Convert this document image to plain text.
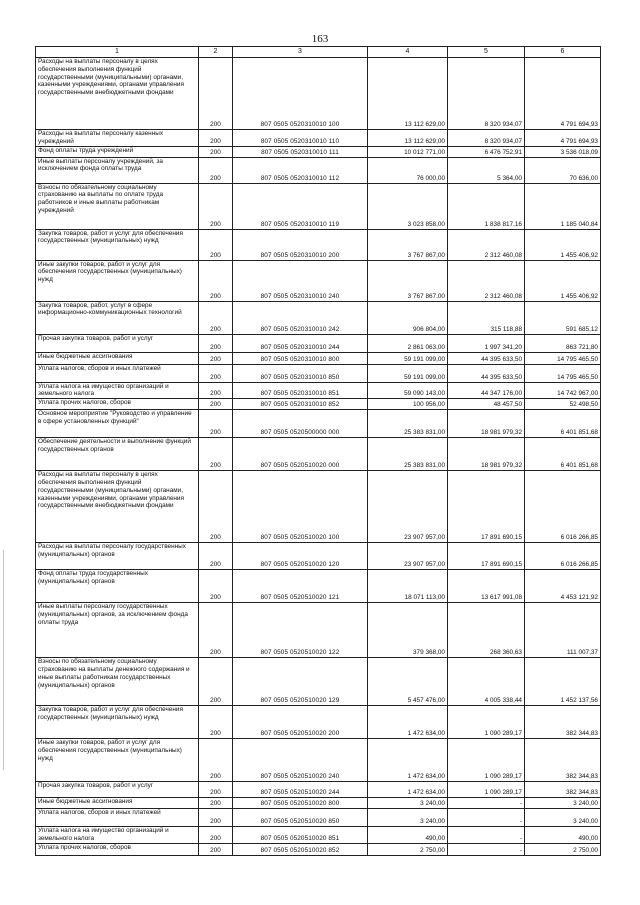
163
1	2	3	4	5	6
Расходы на выплаты персоналу в целях обеспечения выполнения функций государственными (муниципальными) органами, казенными учреждениями, органами управления государственными внебюджетными фондами	200	807 0505 0520310010 100	13 112 629,00	8 320 934,07	4 791 694,93
Расходы на выплаты персоналу казенных учреждений	200	807 0505 0520310010 110	13 112 629,00	8 320 934,07	4 791 694,93
Фонд оплаты труда учреждений	200	807 0505 0520310010 111	10 012 771,00	6 476 752,91	3 536 018,09
Иные выплаты персоналу учреждений, за исключением фонда оплаты труда	200	807 0505 0520310010 112	76 000,00	5 364,00	70 636,00
Взносы по обязательному социальному страхованию на выплаты по оплате труда работников и иные выплаты работникам учреждений	200	807 0505 0520310010 119	3 023 858,00	1 838 817,16	1 185 040,84
Закупка товаров, работ и услуг для обеспечения государственных (муниципальных) нужд	200	807 0505 0520310010 200	3 767 867,00	2 312 460,08	1 455 406,92
Иные закупки товаров, работ и услуг для обеспечения государственных (муниципальных) нужд	200	807 0505 0520310010 240	3 767 867,00	2 312 460,08	1 455 406,92
Закупка товаров, работ, услуг в сфере информационно-коммуникационных технологий	200	807 0505 0520310010 242	906 804,00	315 118,88	591 685,12
Прочая закупка товаров, работ и услуг	200	807 0505 0520310010 244	2 861 063,00	1 997 341,20	863 721,80
Иные бюджетные ассигнования	200	807 0505 0520310010 800	59 191 099,00	44 395 633,50	14 795 465,50
Уплата налогов, сборов и иных платежей	200	807 0505 0520310010 850	59 191 099,00	44 395 633,50	14 795 465,50
Уплата налога на имущество организаций и земельного налога	200	807 0505 0520310010 851	59 090 143,00	44 347 176,00	14 742 967,00
Уплата прочих налогов, сборов	200	807 0505 0520310010 852	100 956,00	48 457,50	52 498,50
Основное мероприятие "Руководство и управление в сфере установленных функций"	200	807 0505 0520500000 000	25 383 831,00	18 981 979,32	6 401 851,68
Обеспечение деятельности и выполнение функций государственных органов	200	807 0505 0520510020 000	25 383 831,00	18 981 979,32	6 401 851,68
Расходы на выплаты персоналу в целях обеспечения выполнения функций государственными (муниципальными) органами, казенными учреждениями, органами управления государственными внебюджетными фондами	200	807 0505 0520510020 100	23 907 957,00	17 891 690,15	6 016 266,85
Расходы на выплаты персоналу государственных (муниципальных) органов	200	807 0505 0520510020 120	23 907 957,00	17 891 690,15	6 016 266,85
Фонд оплаты труда государственных (муниципальных) органов	200	807 0505 0520510020 121	18 071 113,00	13 617 991,08	4 453 121,92
Иные выплаты персоналу государственных (муниципальных) органов, за исключением фонда оплаты труда	200	807 0505 0520510020 122	379 368,00	268 360,63	111 007,37
Взносы по обязательному социальному страхованию на выплаты денежного содержания и иные выплаты работникам государственных (муниципальных) органов	200	807 0505 0520510020 129	5 457 476,00	4 005 338,44	1 452 137,56
Закупка товаров, работ и услуг для обеспечения государственных (муниципальных) нужд	200	807 0505 0520510020 200	1 472 634,00	1 090 289,17	382 344,83
Иные закупки товаров, работ и услуг для обеспечения государственных (муниципальных) нужд	200	807 0505 0520510020 240	1 472 634,00	1 090 289,17	382 344,83
Прочая закупка товаров, работ и услуг	200	807 0505 0520510020 244	1 472 634,00	1 090 289,17	382 344,83
Иные бюджетные ассигнования	200	807 0505 0520510020 800	3 240,00	-	3 240,00
Уплата налогов, сборов и иных платежей	200	807 0505 0520510020 850	3 240,00	-	3 240,00
Уплата налога на имущество организаций и земельного налога	200	807 0505 0520510020 851	490,00	-	490,00
Уплата прочих налогов, сборов	200	807 0505 0520510020 852	2 750,00	-	2 750,00
